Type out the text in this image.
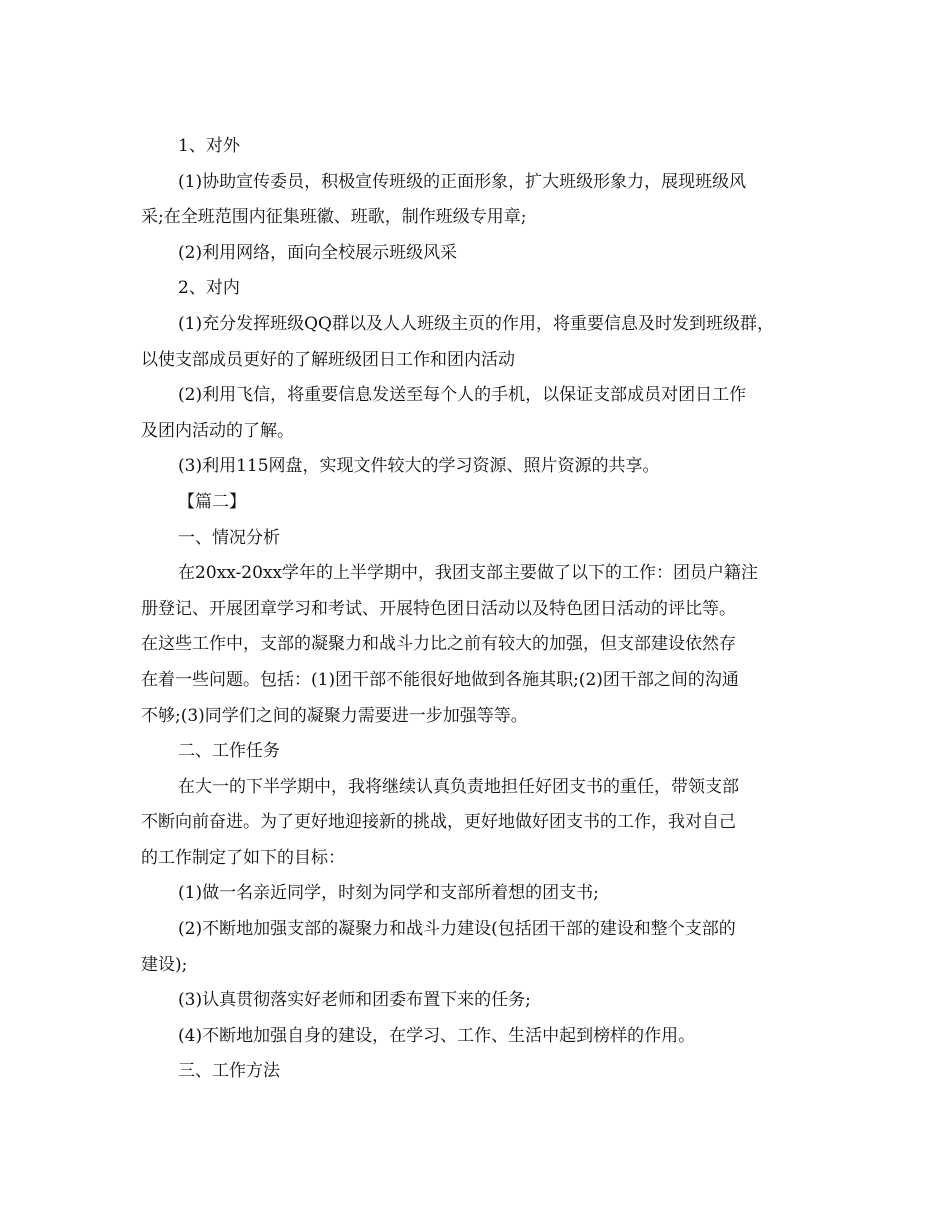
1、对外
(1)协助宣传委员，积极宣传班级的正面形象，扩大班级形象力，展现班级风
采;在全班范围内征集班徽、班歌，制作班级专用章;
(2)利用网络，面向全校展示班级风采
2、对内
(1)充分发挥班级QQ群以及人人班级主页的作用，将重要信息及时发到班级群，
以使支部成员更好的了解班级团日工作和团内活动
(2)利用飞信，将重要信息发送至每个人的手机，以保证支部成员对团日工作
及团内活动的了解。
(3)利用115网盘，实现文件较大的学习资源、照片资源的共享。
【篇二】
一、情况分析
在20xx-20xx学年的上半学期中，我团支部主要做了以下的工作：团员户籍注
册登记、开展团章学习和考试、开展特色团日活动以及特色团日活动的评比等。
在这些工作中，支部的凝聚力和战斗力比之前有较大的加强，但支部建设依然存
在着一些问题。包括：(1)团干部不能很好地做到各施其职;(2)团干部之间的沟通
不够;(3)同学们之间的凝聚力需要进一步加强等等。
二、工作任务
在大一的下半学期中，我将继续认真负责地担任好团支书的重任，带领支部
不断向前奋进。为了更好地迎接新的挑战，更好地做好团支书的工作，我对自己
的工作制定了如下的目标：
(1)做一名亲近同学，时刻为同学和支部所着想的团支书;
(2)不断地加强支部的凝聚力和战斗力建设(包括团干部的建设和整个支部的
建设);
(3)认真贯彻落实好老师和团委布置下来的任务;
(4)不断地加强自身的建设，在学习、工作、生活中起到榜样的作用。
三、工作方法
